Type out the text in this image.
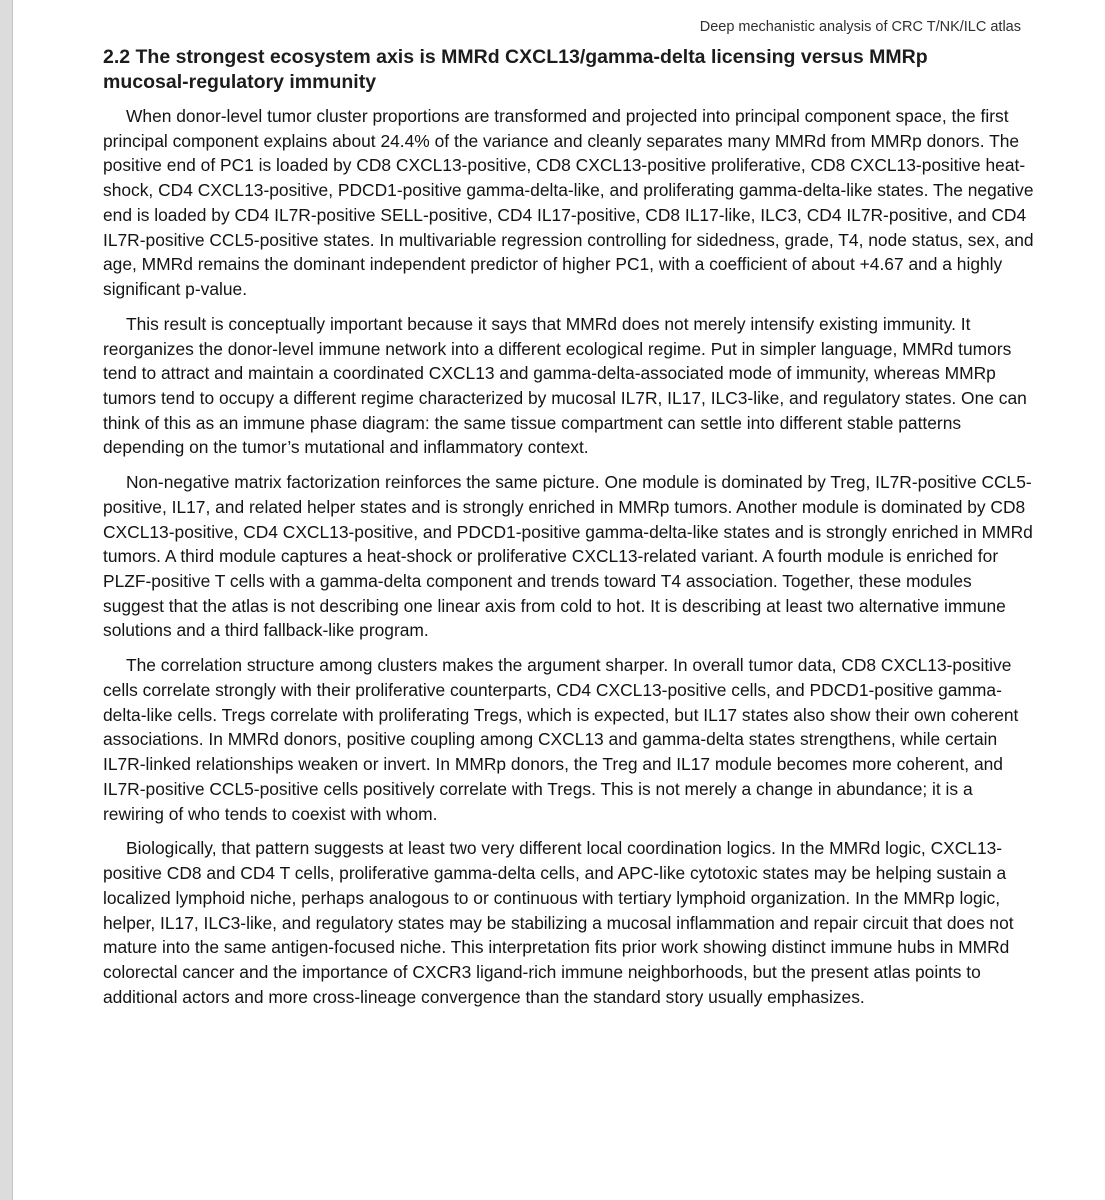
Deep mechanistic analysis of CRC T/NK/ILC atlas
2.2 The strongest ecosystem axis is MMRd CXCL13/gamma-delta licensing versus MMRp mucosal-regulatory immunity

When donor-level tumor cluster proportions are transformed and projected into principal component space, the first principal component explains about 24.4% of the variance and cleanly separates many MMRd from MMRp donors. The positive end of PC1 is loaded by CD8 CXCL13-positive, CD8 CXCL13-positive proliferative, CD8 CXCL13-positive heat-shock, CD4 CXCL13-positive, PDCD1-positive gamma-delta-like, and proliferating gamma-delta-like states. The negative end is loaded by CD4 IL7R-positive SELL-positive, CD4 IL17-positive, CD8 IL17-like, ILC3, CD4 IL7R-positive, and CD4 IL7R-positive CCL5-positive states. In multivariable regression controlling for sidedness, grade, T4, node status, sex, and age, MMRd remains the dominant independent predictor of higher PC1, with a coefficient of about +4.67 and a highly significant p-value.

This result is conceptually important because it says that MMRd does not merely intensify existing immunity. It reorganizes the donor-level immune network into a different ecological regime. Put in simpler language, MMRd tumors tend to attract and maintain a coordinated CXCL13 and gamma-delta-associated mode of immunity, whereas MMRp tumors tend to occupy a different regime characterized by mucosal IL7R, IL17, ILC3-like, and regulatory states. One can think of this as an immune phase diagram: the same tissue compartment can settle into different stable patterns depending on the tumor’s mutational and inflammatory context.

Non-negative matrix factorization reinforces the same picture. One module is dominated by Treg, IL7R-positive CCL5-positive, IL17, and related helper states and is strongly enriched in MMRp tumors. Another module is dominated by CD8 CXCL13-positive, CD4 CXCL13-positive, and PDCD1-positive gamma-delta-like states and is strongly enriched in MMRd tumors. A third module captures a heat-shock or proliferative CXCL13-related variant. A fourth module is enriched for PLZF-positive T cells with a gamma-delta component and trends toward T4 association. Together, these modules suggest that the atlas is not describing one linear axis from cold to hot. It is describing at least two alternative immune solutions and a third fallback-like program.

The correlation structure among clusters makes the argument sharper. In overall tumor data, CD8 CXCL13-positive cells correlate strongly with their proliferative counterparts, CD4 CXCL13-positive cells, and PDCD1-positive gamma-delta-like cells. Tregs correlate with proliferating Tregs, which is expected, but IL17 states also show their own coherent associations. In MMRd donors, positive coupling among CXCL13 and gamma-delta states strengthens, while certain IL7R-linked relationships weaken or invert. In MMRp donors, the Treg and IL17 module becomes more coherent, and IL7R-positive CCL5-positive cells positively correlate with Tregs. This is not merely a change in abundance; it is a rewiring of who tends to coexist with whom.

Biologically, that pattern suggests at least two very different local coordination logics. In the MMRd logic, CXCL13-positive CD8 and CD4 T cells, proliferative gamma-delta cells, and APC-like cytotoxic states may be helping sustain a localized lymphoid niche, perhaps analogous to or continuous with tertiary lymphoid organization. In the MMRp logic, helper, IL17, ILC3-like, and regulatory states may be stabilizing a mucosal inflammation and repair circuit that does not mature into the same antigen-focused niche. This interpretation fits prior work showing distinct immune hubs in MMRd colorectal cancer and the importance of CXCR3 ligand-rich immune neighborhoods, but the present atlas points to additional actors and more cross-lineage convergence than the standard story usually emphasizes.
